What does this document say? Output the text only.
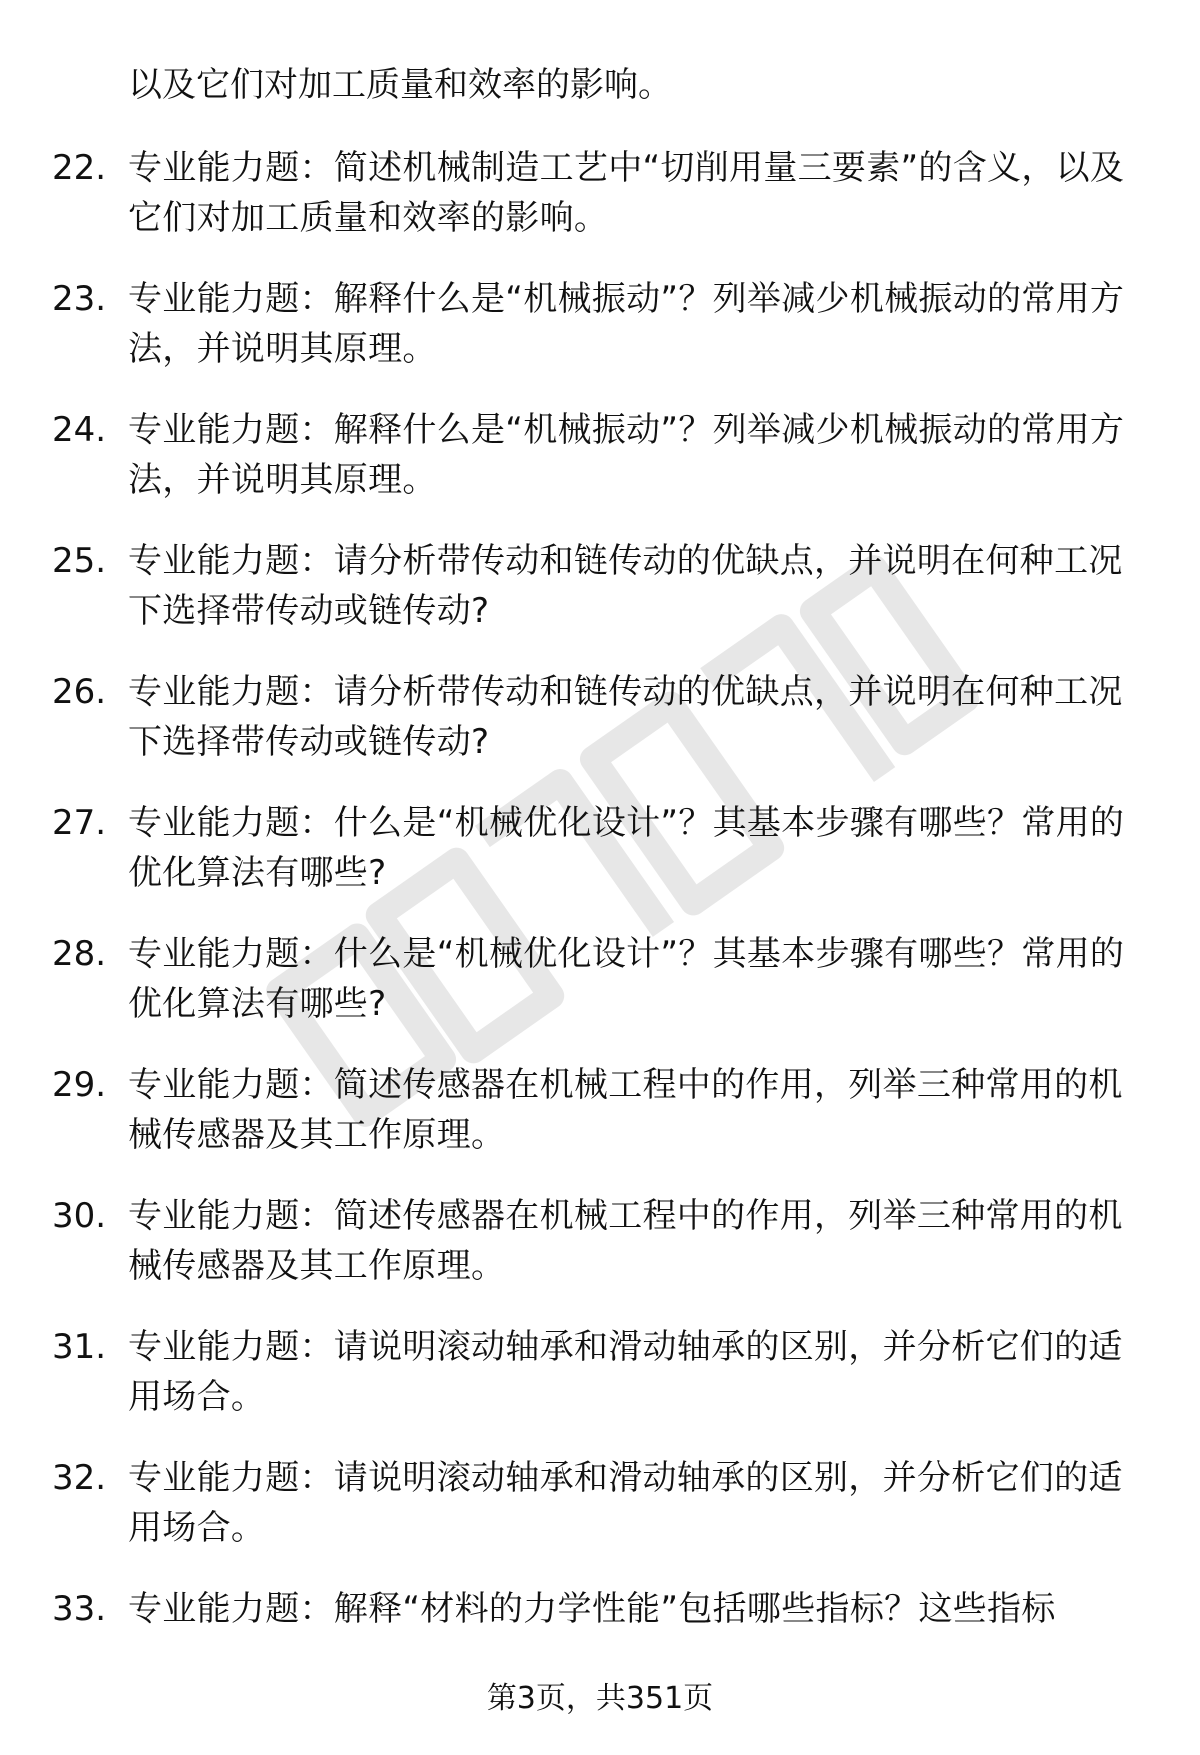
以及它们对加工质量和效率的影响。
22. 专业能力题：简述机械制造工艺中“切削用量三要素”的含义，以及它们对加工质量和效率的影响。
23. 专业能力题：解释什么是“机械振动”？列举减少机械振动的常用方法，并说明其原理。
24. 专业能力题：解释什么是“机械振动”？列举减少机械振动的常用方法，并说明其原理。
25. 专业能力题：请分析带传动和链传动的优缺点，并说明在何种工况下选择带传动或链传动?
26. 专业能力题：请分析带传动和链传动的优缺点，并说明在何种工况下选择带传动或链传动?
27. 专业能力题：什么是“机械优化设计”？其基本步骤有哪些？常用的优化算法有哪些?
28. 专业能力题：什么是“机械优化设计”？其基本步骤有哪些？常用的优化算法有哪些?
29. 专业能力题：简述传感器在机械工程中的作用，列举三种常用的机械传感器及其工作原理。
30. 专业能力题：简述传感器在机械工程中的作用，列举三种常用的机械传感器及其工作原理。
31. 专业能力题：请说明滚动轴承和滑动轴承的区别，并分析它们的适用场合。
32. 专业能力题：请说明滚动轴承和滑动轴承的区别，并分析它们的适用场合。
33. 专业能力题：解释“材料的力学性能”包括哪些指标？这些指标
第3页，共351页
